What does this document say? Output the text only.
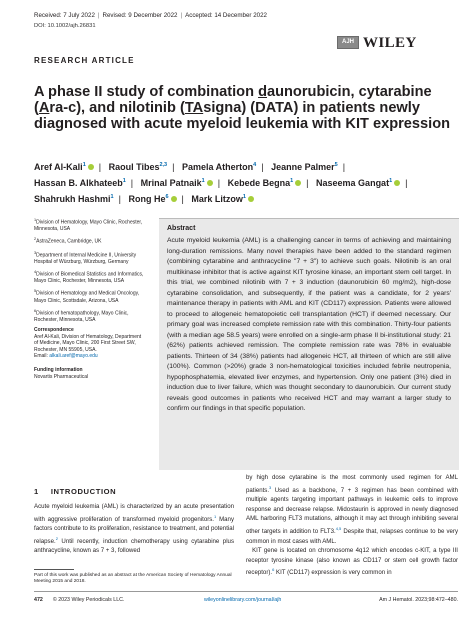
Received: 7 July 2022 | Revised: 9 December 2022 | Accepted: 14 December 2022
DOI: 10.1002/ajh.26831
RESEARCH ARTICLE
AJH WILEY
A phase II study of combination daunorubicin, cytarabine (Ara-c), and nilotinib (TAsigna) (DATA) in patients newly diagnosed with acute myeloid leukemia with KIT expression
Aref Al-Kali$^1$ | Raoul Tibes$^{2,3}$ | Pamela Atherton$^4$ | Jeanne Palmer$^5$ | Hassan B. Alkhateeb$^1$ | Mrinal Patnaik$^1$ | Kebede Begna$^1$ | Naseema Gangat$^1$ | Shahrukh Hashmi$^1$ | Rong He$^6$ | Mark Litzow$^1$
$^1$Division of Hematology, Mayo Clinic, Rochester, Minnesota, USA
$^2$AstraZeneca, Cambridge, UK
$^3$Department of Internal Medicine II, University Hospital of Würzburg, Würzburg, Germany
$^4$Division of Biomedical Statistics and Informatics, Mayo Clinic, Rochester, Minnesota, USA
$^5$Division of Hematology and Medical Oncology, Mayo Clinic, Scottsdale, Arizona, USA
$^6$Division of hematopathology, Mayo Clinic, Rochester, Minnesota, USA
Correspondence
Aref Al-Kali, Division of Hematology, Department of Medicine, Mayo Clinic, 200 First Street SW, Rochester, MN 55905, USA.
Email: alkali.aref@mayo.edu
Funding information
Novartis Pharmaceutical
Abstract
Acute myeloid leukemia (AML) is a challenging cancer in terms of achieving and maintaining long-duration remissions. Many novel therapies have been added to the standard regimen (combining cytarabine and anthracycline "7 + 3") to achieve such goals. Nilotinib is an oral multikinase inhibitor that is active against KIT tyrosine kinase, an important stem cell target. In this trial, we combined nilotinib with 7 + 3 induction (daunorubicin 60 mg/m2), high-dose cytarabine consolidation, and subsequently, if the patient was a candidate, for 2 years' maintenance therapy in patients with AML and KIT (CD117) expression. Patients were allowed to proceed to allogeneic hematopoietic cell transplantation (HCT) if deemed necessary. Our primary goal was increased complete remission rate with this combination. Thirty-four patients (with a median age 58.5 years) were enrolled on a single-arm phase II bi-institutional study: 21 (62%) patients achieved remission. The complete remission rate was 78% in evaluable patients. Thirteen of 34 (38%) patients had allogeneic HCT, all thirteen of which are still alive (100%). Common (>20%) grade 3 non-hematological toxicities included febrile neutropenia, hypophosphatemia, elevated liver enzymes, and hypertension. Only one patient (3%) died in induction due to liver failure, which was thought secondary to daunorubicin. Our current study reveals good outcomes in patients who received HCT and may warrant a larger study to confirm our findings in that specific population.
1 INTRODUCTION
Acute myeloid leukemia (AML) is characterized by an acute presentation with aggressive proliferation of transformed myeloid progenitors.$^1$ Many factors contribute to its proliferation, resistance to treatment, and potential relapse.$^2$ Until recently, induction chemotherapy using cytarabine plus anthracycline, known as 7 + 3, followed
by high dose cytarabine is the most commonly used regimen for AML patients.$^3$ Used as a backbone, 7 + 3 regimen has been combined with multiple agents targeting important pathways in leukemic cells to improve response and decrease relapse. Midostaurin is approved in newly diagnosed AML harboring FLT3 mutations, although it may act through inhibiting several other targets in addition to FLT3.$^{4,5}$ Despite that, relapses continue to be very common in most cases with AML.
 KIT gene is located on chromosome 4q12 which encodes c-KIT, a type III receptor tyrosine kinase (also known as CD117 or stem cell growth factor receptor).$^6$ KIT (CD117) expression is very common in
Part of this work was published as an abstract at the American Society of Hematology Annual Meeting 2015 and 2018.
472 © 2023 Wiley Periodicals LLC.	wileyonlinelibrary.com/journal/ajh	Am J Hematol. 2023;98:472–480.
